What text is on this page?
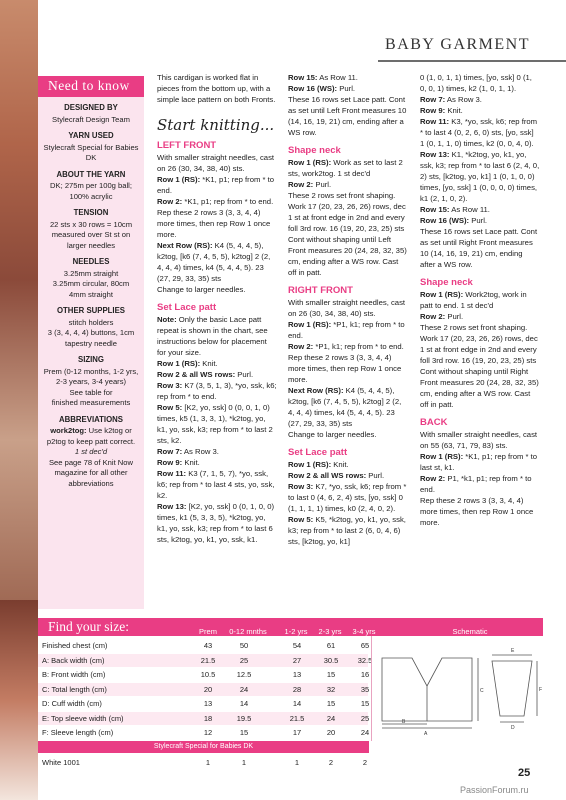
BABY GARMENT
Need to know
DESIGNED BY

Stylecraft Design Team

YARN USED

Stylecraft Special for Babies DK

ABOUT THE YARN

DK; 275m per 100g ball; 100% acrylic

TENSION

22 sts x 30 rows = 10cm measured over St st on larger needles

NEEDLES

3.25mm straight

3.25mm circular, 80cm

4mm straight

OTHER SUPPLIES

stitch holders

3 (3, 4, 4, 4) buttons, 1cm

tapestry needle

SIZING

Prem (0-12 months, 1-2 yrs,

2-3 years, 3-4 years)

See table for

finished measurements

ABBREVIATIONS

work2tog: Use k2tog or p2tog to keep patt correct.

1 st dec'd

See page 78 of Knit Now magazine for all other abbreviations

This cardigan is worked flat in pieces from the bottom up, with a simple lace pattern on both Fronts.

Start knitting...

LEFT FRONT

With smaller straight needles, cast on 26 (30, 34, 38, 40) sts.

Row 1 (RS): *K1, p1; rep from * to end.

Row 2: *K1, p1; rep from * to end.

Rep these 2 rows 3 (3, 3, 4, 4) more times, then rep Row 1 once more.

Next Row (RS): K4 (5, 4, 4, 5), k2tog, [k6 (7, 4, 5, 5), k2tog] 2 (2, 4, 4, 4) times, k4 (5, 4, 4, 5). 23 (27, 29, 33, 35) sts

Change to larger needles.

Set Lace patt

Note: Only the basic Lace patt repeat is shown in the chart, see instructions below for placement for your size.

Row 1 (RS): Knit.

Row 2 & all WS rows: Purl.

Row 3: K7 (3, 5, 1, 3), *yo, ssk, k6; rep from * to end.

Row 5: [K2, yo, ssk] 0 (0, 0, 1, 0) times, k5 (1, 3, 3, 1), *k2tog, yo, k1, yo, ssk, k3; rep from * to last 2 sts, k2.

Row 7: As Row 3.

Row 9: Knit.

Row 11: K3 (7, 1, 5, 7), *yo, ssk, k6; rep from * to last 4 sts, yo, ssk, k2.

Row 13: [K2, yo, ssk] 0 (0, 1, 0, 0) times, k1 (5, 3, 3, 5), *k2tog, yo, k1, yo, ssk, k3; rep from * to last 6 sts, k2tog, yo, k1, yo, ssk, k1.

Row 15: As Row 11.

Row 16 (WS): Purl.

These 16 rows set Lace patt. Cont as set until Left Front measures 10 (14, 16, 19, 21) cm, ending after a WS row.

Shape neck

Row 1 (RS): Work as set to last 2 sts, work2tog. 1 st dec'd

Row 2: Purl.

These 2 rows set front shaping. Work 17 (20, 23, 26, 26) rows, dec 1 st at front edge in 2nd and every foll 3rd row. 16 (19, 20, 23, 25) sts

Cont without shaping until Left Front measures 20 (24, 28, 32, 35) cm, ending after a WS row. Cast off in patt.

RIGHT FRONT

With smaller straight needles, cast on 26 (30, 34, 38, 40) sts.

Row 1 (RS): *P1, k1; rep from * to end.

Row 2: *P1, k1; rep from * to end.

Rep these 2 rows 3 (3, 3, 4, 4) more times, then rep Row 1 once more.

Next Row (RS): K4 (5, 4, 4, 5), k2tog, [k6 (7, 4, 5, 5), k2tog] 2 (2, 4, 4, 4) times, k4 (5, 4, 4, 5). 23 (27, 29, 33, 35) sts

Change to larger needles.

Set Lace patt

Row 1 (RS): Knit.

Row 2 & all WS rows: Purl.

Row 3: K7, *yo, ssk, k6; rep from * to last 0 (4, 6, 2, 4) sts, [yo, ssk] 0 (1, 1, 1, 1) times, k0 (2, 4, 0, 2).

Row 5: K5, *k2tog, yo, k1, yo, ssk, k3; rep from * to last 2 (6, 0, 4, 6) sts, [k2tog, yo, k1]

0 (1, 0, 1, 1) times, [yo, ssk] 0 (1, 0, 0, 1) times, k2 (1, 0, 1, 1).

Row 7: As Row 3.

Row 9: Knit.

Row 11: K3, *yo, ssk, k6; rep from * to last 4 (0, 2, 6, 0) sts, [yo, ssk] 1 (0, 1, 1, 0) times, k2 (0, 0, 4, 0).

Row 13: K1, *k2tog, yo, k1, yo, ssk, k3; rep from * to last 6 (2, 4, 0, 2) sts, [k2tog, yo, k1] 1 (0, 1, 0, 0) times, [yo, ssk] 1 (0, 0, 0, 0) times, k1 (2, 1, 0, 2).

Row 15: As Row 11.

Row 16 (WS): Purl.

These 16 rows set Lace patt. Cont as set until Right Front measures 10 (14, 16, 19, 21) cm, ending after a WS row.

Shape neck

Row 1 (RS): Work2tog, work in patt to end. 1 st dec'd

Row 2: Purl.

These 2 rows set front shaping. Work 17 (20, 23, 26, 26) rows, dec 1 st at front edge in 2nd and every foll 3rd row. 16 (19, 20, 23, 25) sts

Cont without shaping until Right Front measures 20 (24, 28, 32, 35) cm, ending after a WS row. Cast off in patt.

BACK

With smaller straight needles, cast on 55 (63, 71, 79, 83) sts.

Row 1 (RS): *K1, p1; rep from * to last st, k1.

Row 2: P1, *k1, p1; rep from * to end.

Rep these 2 rows 3 (3, 3, 4, 4) more times, then rep Row 1 once more.

Find your size:	Prem	0-12 mnths	1-2 yrs	2-3 yrs	3-4 yrs	Schematic
Finished chest (cm)	43	50	54	61	65
A: Back width (cm)	21.5	25	27	30.5	32.5
B: Front width (cm)	10.5	12.5	13	15	16
C: Total length (cm)	20	24	28	32	35
D: Cuff width (cm)	13	14	14	15	15
E: Top sleeve width (cm)	18	19.5	21.5	24	25
F: Sleeve length (cm)	12	15	17	20	24
Stylecraft Special for Babies DK
White 1001	1	1	1	2	2
A
B
C
D
E
F
25
PassionForum.ru
